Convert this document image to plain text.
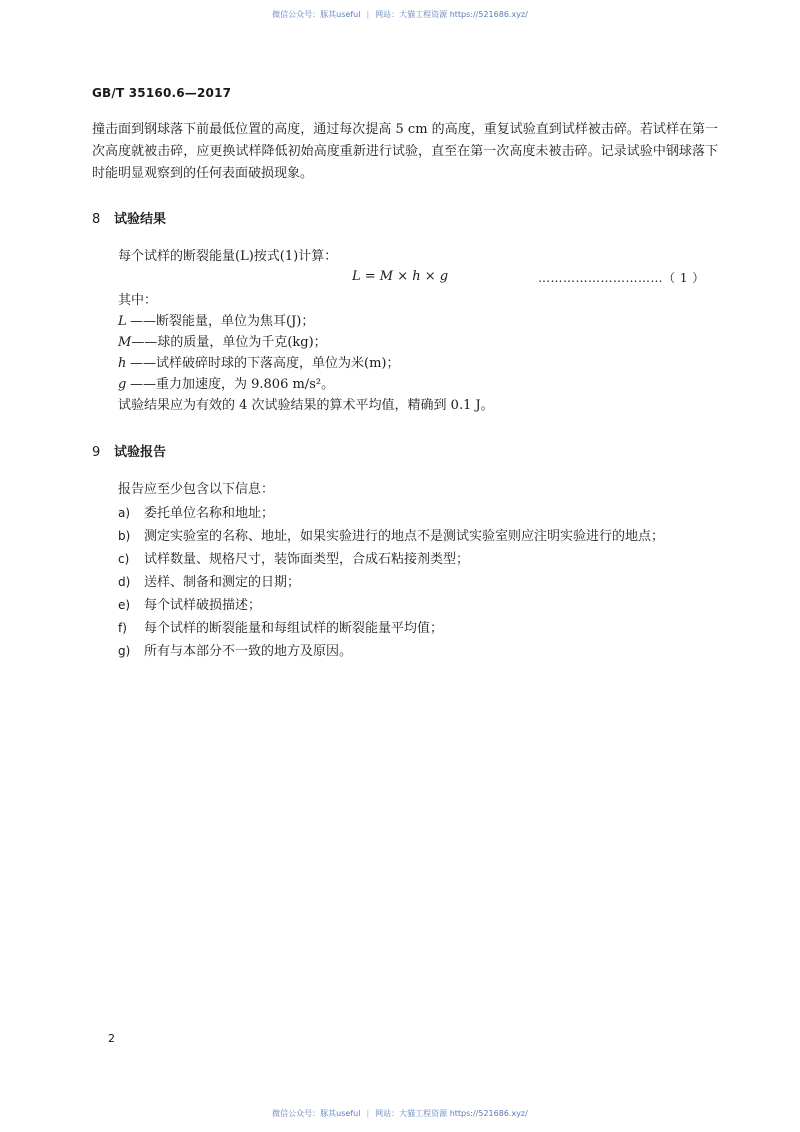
微信公众号：豚其useful | 网站：大猫工程资源 https://521686.xyz/
GB/T 35160.6—2017

撞击面到钢球落下前最低位置的高度，通过每次提高 5 cm 的高度，重复试验直到试样被击碎。若试样在第一次高度就被击碎，应更换试样降低初始高度重新进行试验，直至在第一次高度未被击碎。记录试验中钢球落下时能明显观察到的任何表面破损现象。

8 试验结果
每个试样的断裂能量(L)按式(1)计算：
L = M × h × g	…………………………（ 1 ）
其中：
L ——断裂能量，单位为焦耳(J)；
M——球的质量，单位为千克(kg)；
h ——试样破碎时球的下落高度，单位为米(m)；
g ——重力加速度，为 9.806 m/s²。
试验结果应为有效的 4 次试验结果的算术平均值，精确到 0.1 J。
9 试验报告
报告应至少包含以下信息：
a) 委托单位名称和地址；
b) 测定实验室的名称、地址，如果实验进行的地点不是测试实验室则应注明实验进行的地点；
c) 试样数量、规格尺寸，装饰面类型，合成石粘接剂类型；
d) 送样、制备和测定的日期；
e) 每个试样破损描述；
f) 每个试样的断裂能量和每组试样的断裂能量平均值；
g) 所有与本部分不一致的地方及原因。
2
微信公众号：豚其useful | 网站：大猫工程资源 https://521686.xyz/
